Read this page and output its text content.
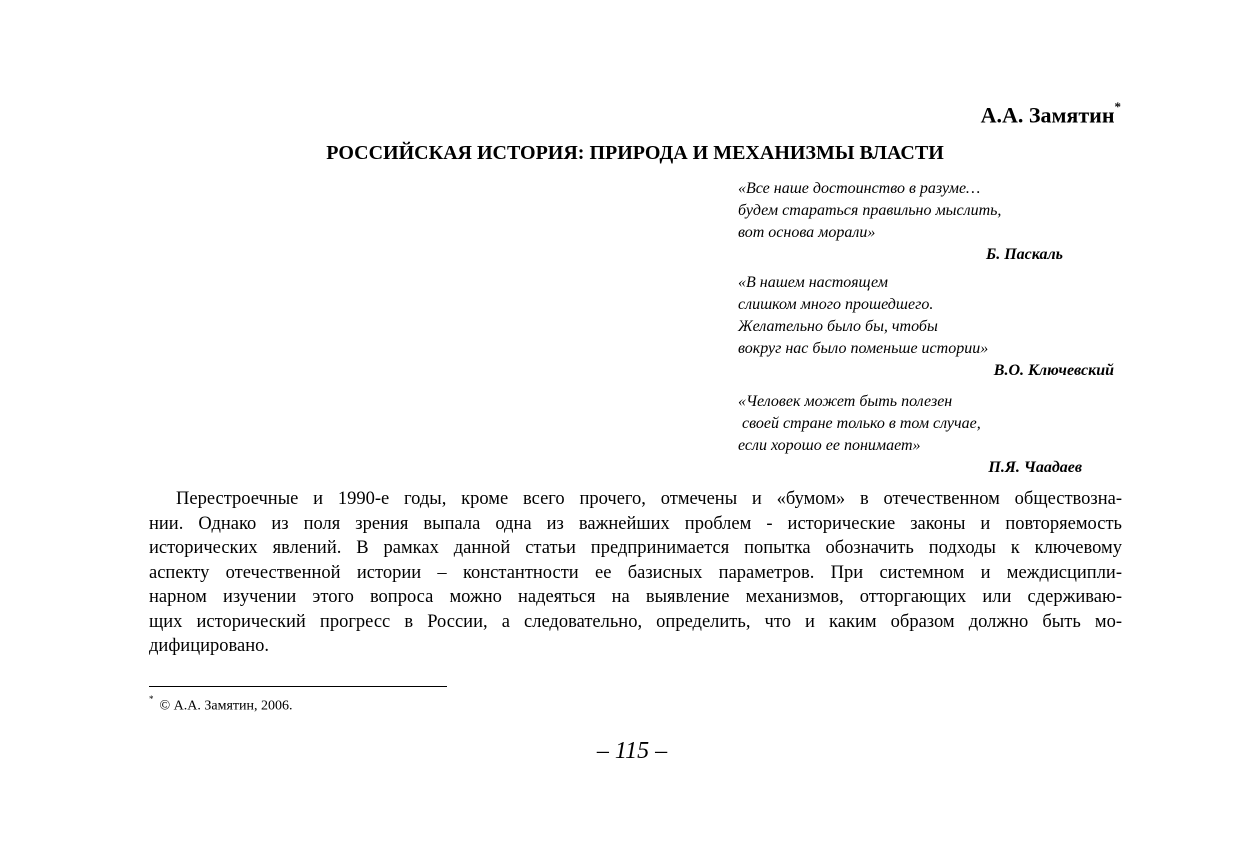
А.А. Замятин*
РОССИЙСКАЯ ИСТОРИЯ: ПРИРОДА И МЕХАНИЗМЫ ВЛАСТИ
«Все наше достоинство в разуме…
будем стараться правильно мыслить,
вот основа морали»
Б. Паскаль
«В нашем настоящем
слишком много прошедшего.
Желательно было бы, чтобы
вокруг нас было поменьше истории»
В.О. Ключевский
«Человек может быть полезен
своей стране только в том случае,
если хорошо ее понимает»
П.Я. Чаадаев
Перестроечные и 1990-е годы, кроме всего прочего, отмечены и «бумом» в отечественном обществозна-
нии. Однако из поля зрения выпала одна из важнейших проблем - исторические законы и повторяемость
исторических явлений. В рамках данной статьи предпринимается попытка обозначить подходы к ключевому
аспекту отечественной истории – константности ее базисных параметров. При системном и междисципли-
нарном изучении этого вопроса можно надеяться на выявление механизмов, отторгающих или сдерживаю-
щих исторический прогресс в России, а следовательно, определить, что и каким образом должно быть мо-
дифицировано.
* © А.А. Замятин, 2006.
– 115 –
